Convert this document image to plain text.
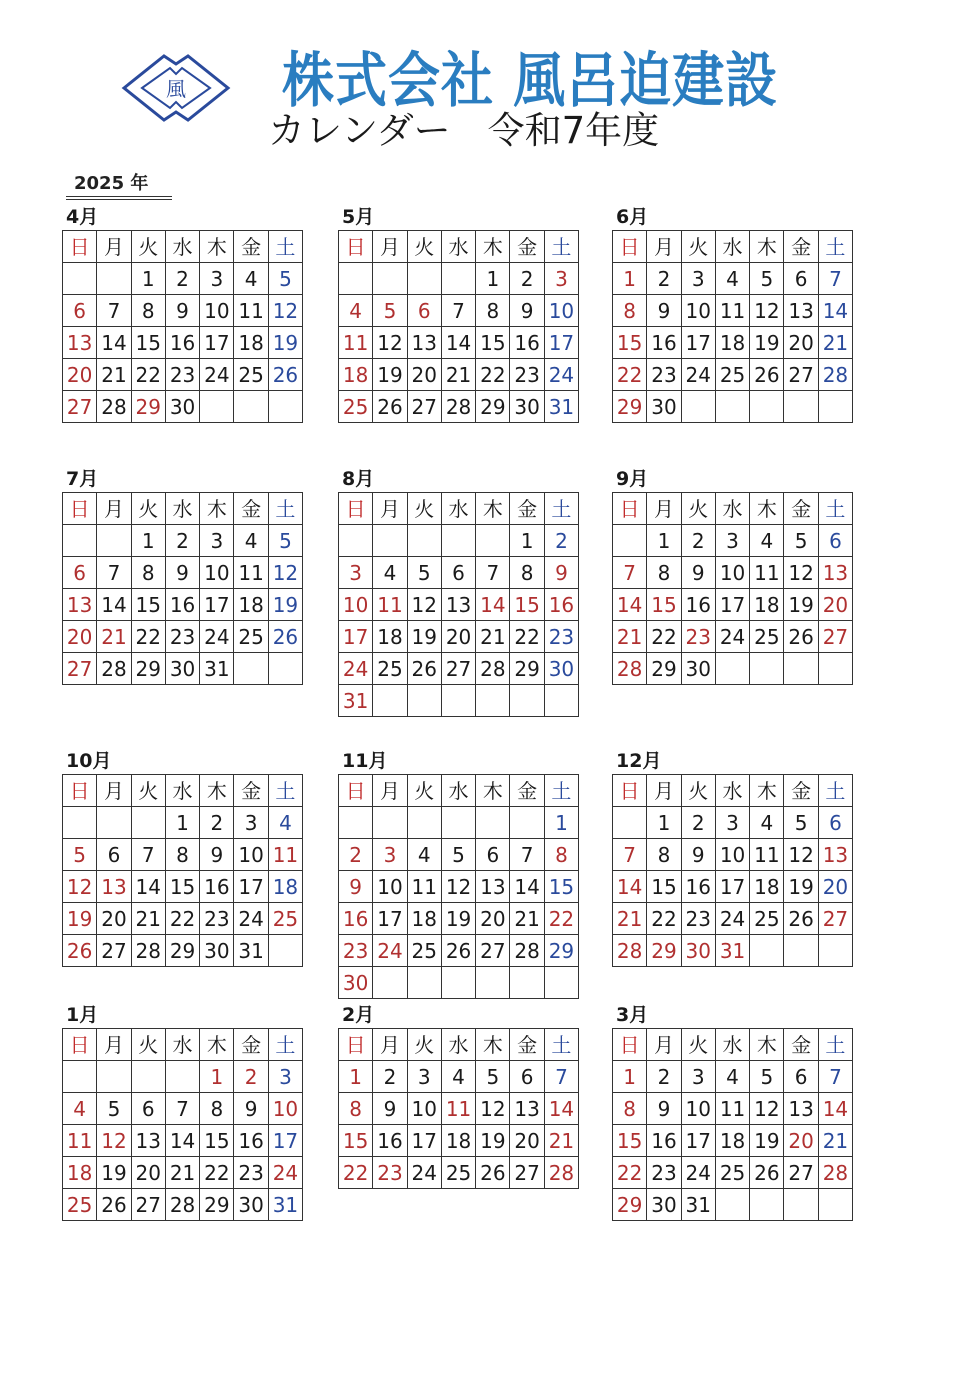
風 株式会社 風呂迫建設
カレンダー　令和7年度
2025 年
4月
日	月	火	水	木	金	土
		1	2	3	4	5
6	7	8	9	10	11	12
13	14	15	16	17	18	19
20	21	22	23	24	25	26
27	28	29	30			
5月
日	月	火	水	木	金	土
				1	2	3
4	5	6	7	8	9	10
11	12	13	14	15	16	17
18	19	20	21	22	23	24
25	26	27	28	29	30	31
6月
日	月	火	水	木	金	土
1	2	3	4	5	6	7
8	9	10	11	12	13	14
15	16	17	18	19	20	21
22	23	24	25	26	27	28
29	30					
7月
日	月	火	水	木	金	土
		1	2	3	4	5
6	7	8	9	10	11	12
13	14	15	16	17	18	19
20	21	22	23	24	25	26
27	28	29	30	31		
8月
日	月	火	水	木	金	土
					1	2
3	4	5	6	7	8	9
10	11	12	13	14	15	16
17	18	19	20	21	22	23
24	25	26	27	28	29	30
31						
9月
日	月	火	水	木	金	土
	1	2	3	4	5	6
7	8	9	10	11	12	13
14	15	16	17	18	19	20
21	22	23	24	25	26	27
28	29	30				
10月
日	月	火	水	木	金	土
			1	2	3	4
5	6	7	8	9	10	11
12	13	14	15	16	17	18
19	20	21	22	23	24	25
26	27	28	29	30	31	
11月
日	月	火	水	木	金	土
						1
2	3	4	5	6	7	8
9	10	11	12	13	14	15
16	17	18	19	20	21	22
23	24	25	26	27	28	29
30						
12月
日	月	火	水	木	金	土
	1	2	3	4	5	6
7	8	9	10	11	12	13
14	15	16	17	18	19	20
21	22	23	24	25	26	27
28	29	30	31			
1月
日	月	火	水	木	金	土
				1	2	3
4	5	6	7	8	9	10
11	12	13	14	15	16	17
18	19	20	21	22	23	24
25	26	27	28	29	30	31
2月
日	月	火	水	木	金	土
1	2	3	4	5	6	7
8	9	10	11	12	13	14
15	16	17	18	19	20	21
22	23	24	25	26	27	28
3月
日	月	火	水	木	金	土
1	2	3	4	5	6	7
8	9	10	11	12	13	14
15	16	17	18	19	20	21
22	23	24	25	26	27	28
29	30	31				
